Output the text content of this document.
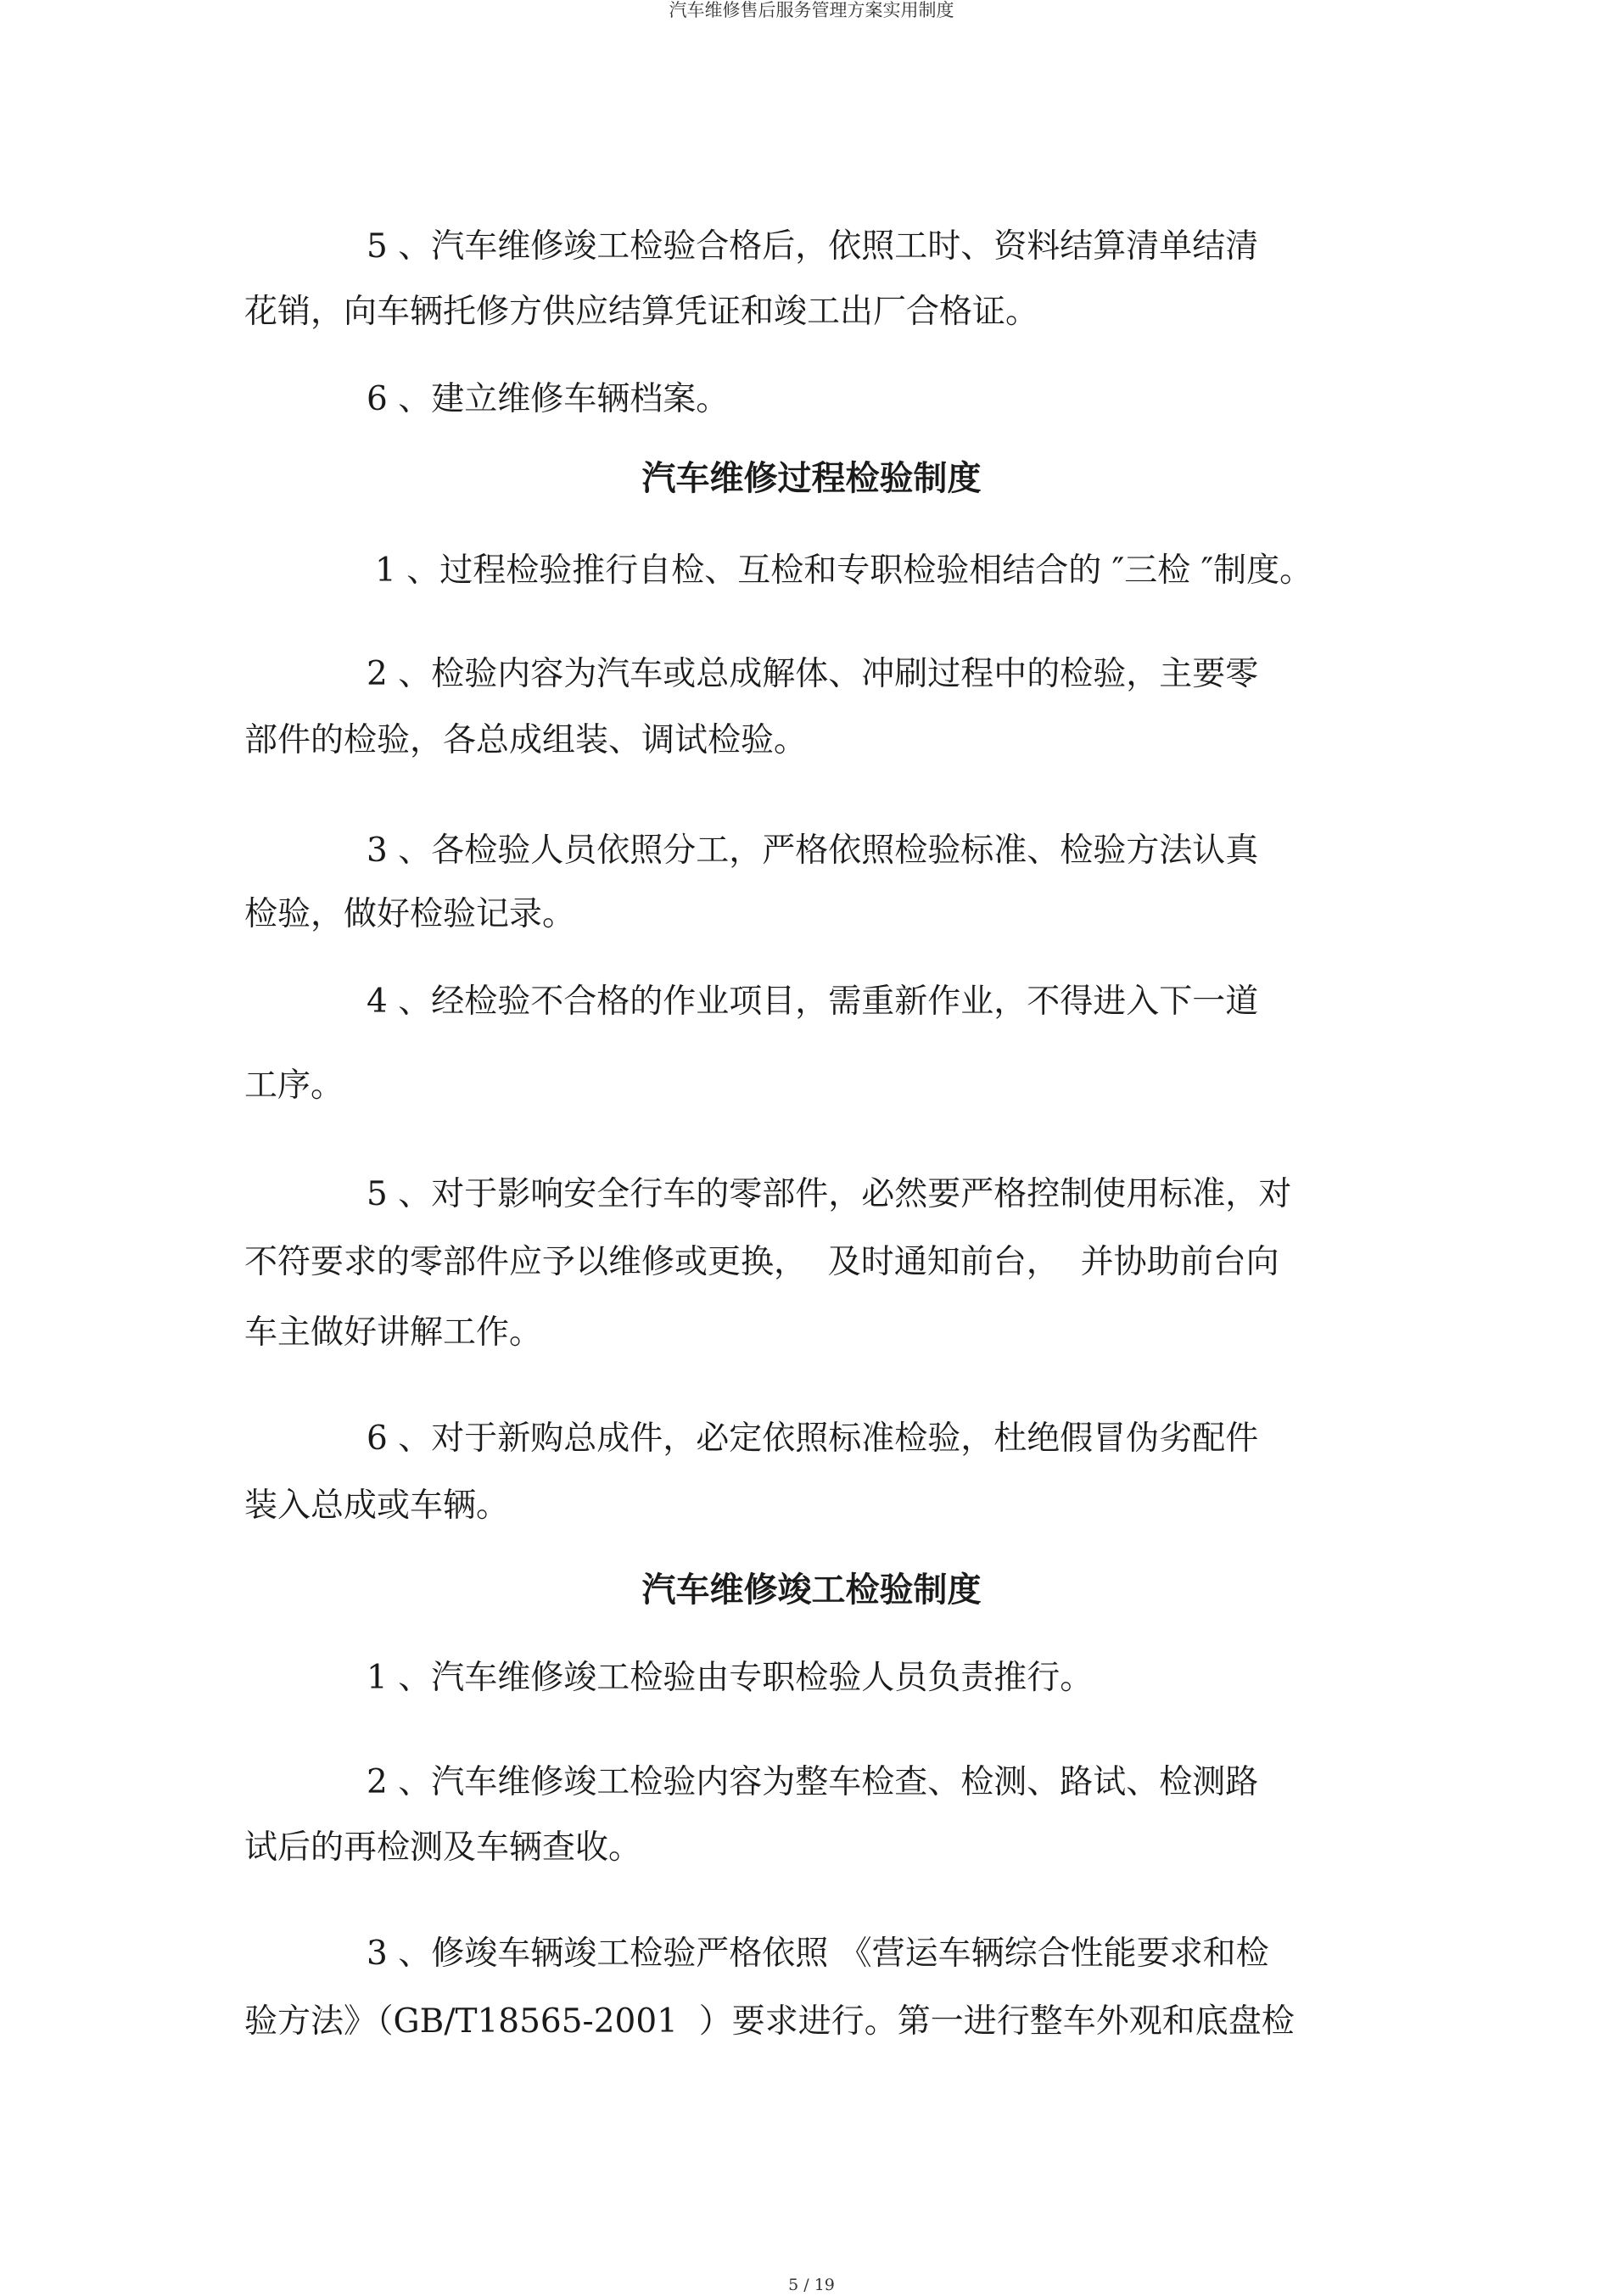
汽车维修售后服务管理方案实用制度

5 、汽车维修竣工检验合格后，依照工时、资料结算清单结清

花销，向车辆托修方供应结算凭证和竣工出厂合格证。

6 、建立维修车辆档案。

汽车维修过程检验制度

1 、过程检验推行自检、互检和专职检验相结合的 ″三检 ″制度。

2 、检验内容为汽车或总成解体、冲刷过程中的检验，主要零

部件的检验，各总成组装、调试检验。

3 、各检验人员依照分工，严格依照检验标准、检验方法认真

检验，做好检验记录。

4 、经检验不合格的作业项目，需重新作业，不得进入下一道

工序。

5 、对于影响安全行车的零部件，必然要严格控制使用标准，对

不符要求的零部件应予以维修或更换，  及时通知前台，  并协助前台向

车主做好讲解工作。

6 、对于新购总成件，必定依照标准检验，杜绝假冒伪劣配件

装入总成或车辆。

汽车维修竣工检验制度

1 、汽车维修竣工检验由专职检验人员负责推行。

2 、汽车维修竣工检验内容为整车检查、检测、路试、检测路

试后的再检测及车辆查收。

3 、修竣车辆竣工检验严格依照 《营运车辆综合性能要求和检

验方法》（GB/T18565-2001  ）要求进行。第一进行整车外观和底盘检

5 / 19
